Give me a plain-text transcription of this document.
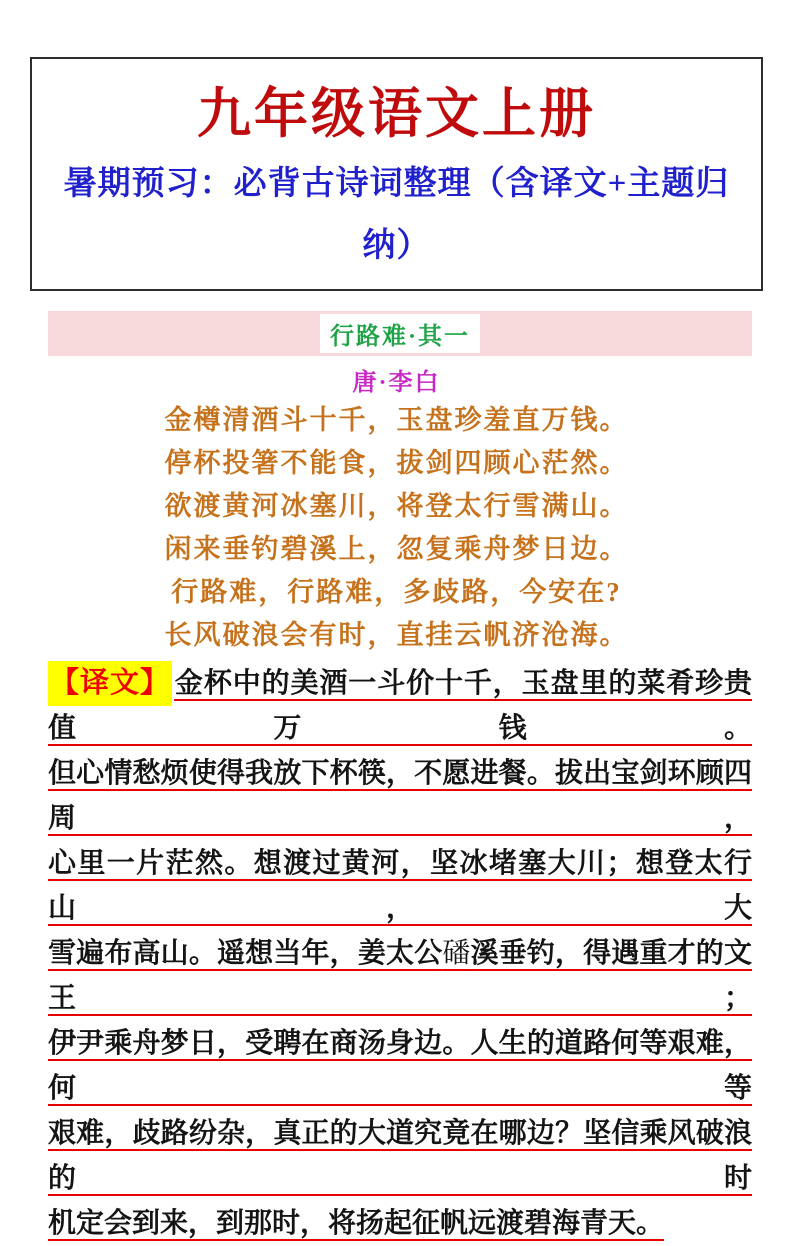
九年级语文上册
暑期预习：必背古诗词整理（含译文+主题归纳）
行路难·其一
唐·李白
金樽清酒斗十千，玉盘珍羞直万钱。
停杯投箸不能食，拔剑四顾心茫然。
欲渡黄河冰塞川，将登太行雪满山。
闲来垂钓碧溪上，忽复乘舟梦日边。
行路难，行路难，多歧路，今安在?
长风破浪会有时，直挂云帆济沧海。
【译文】 金杯中的美酒一斗价十千，玉盘里的菜肴珍贵值万钱。
但心情愁烦使得我放下杯筷，不愿进餐。拔出宝剑环顾四周，
心里一片茫然。想渡过黄河，坚冰堵塞大川；想登太行山，大
雪遍布高山。遥想当年，姜太公磻溪垂钓，得遇重才的文王；
伊尹乘舟梦日，受聘在商汤身边。人生的道路何等艰难，何等
艰难，歧路纷杂，真正的大道究竟在哪边？坚信乘风破浪的时
机定会到来，到那时，将扬起征帆远渡碧海青天。
